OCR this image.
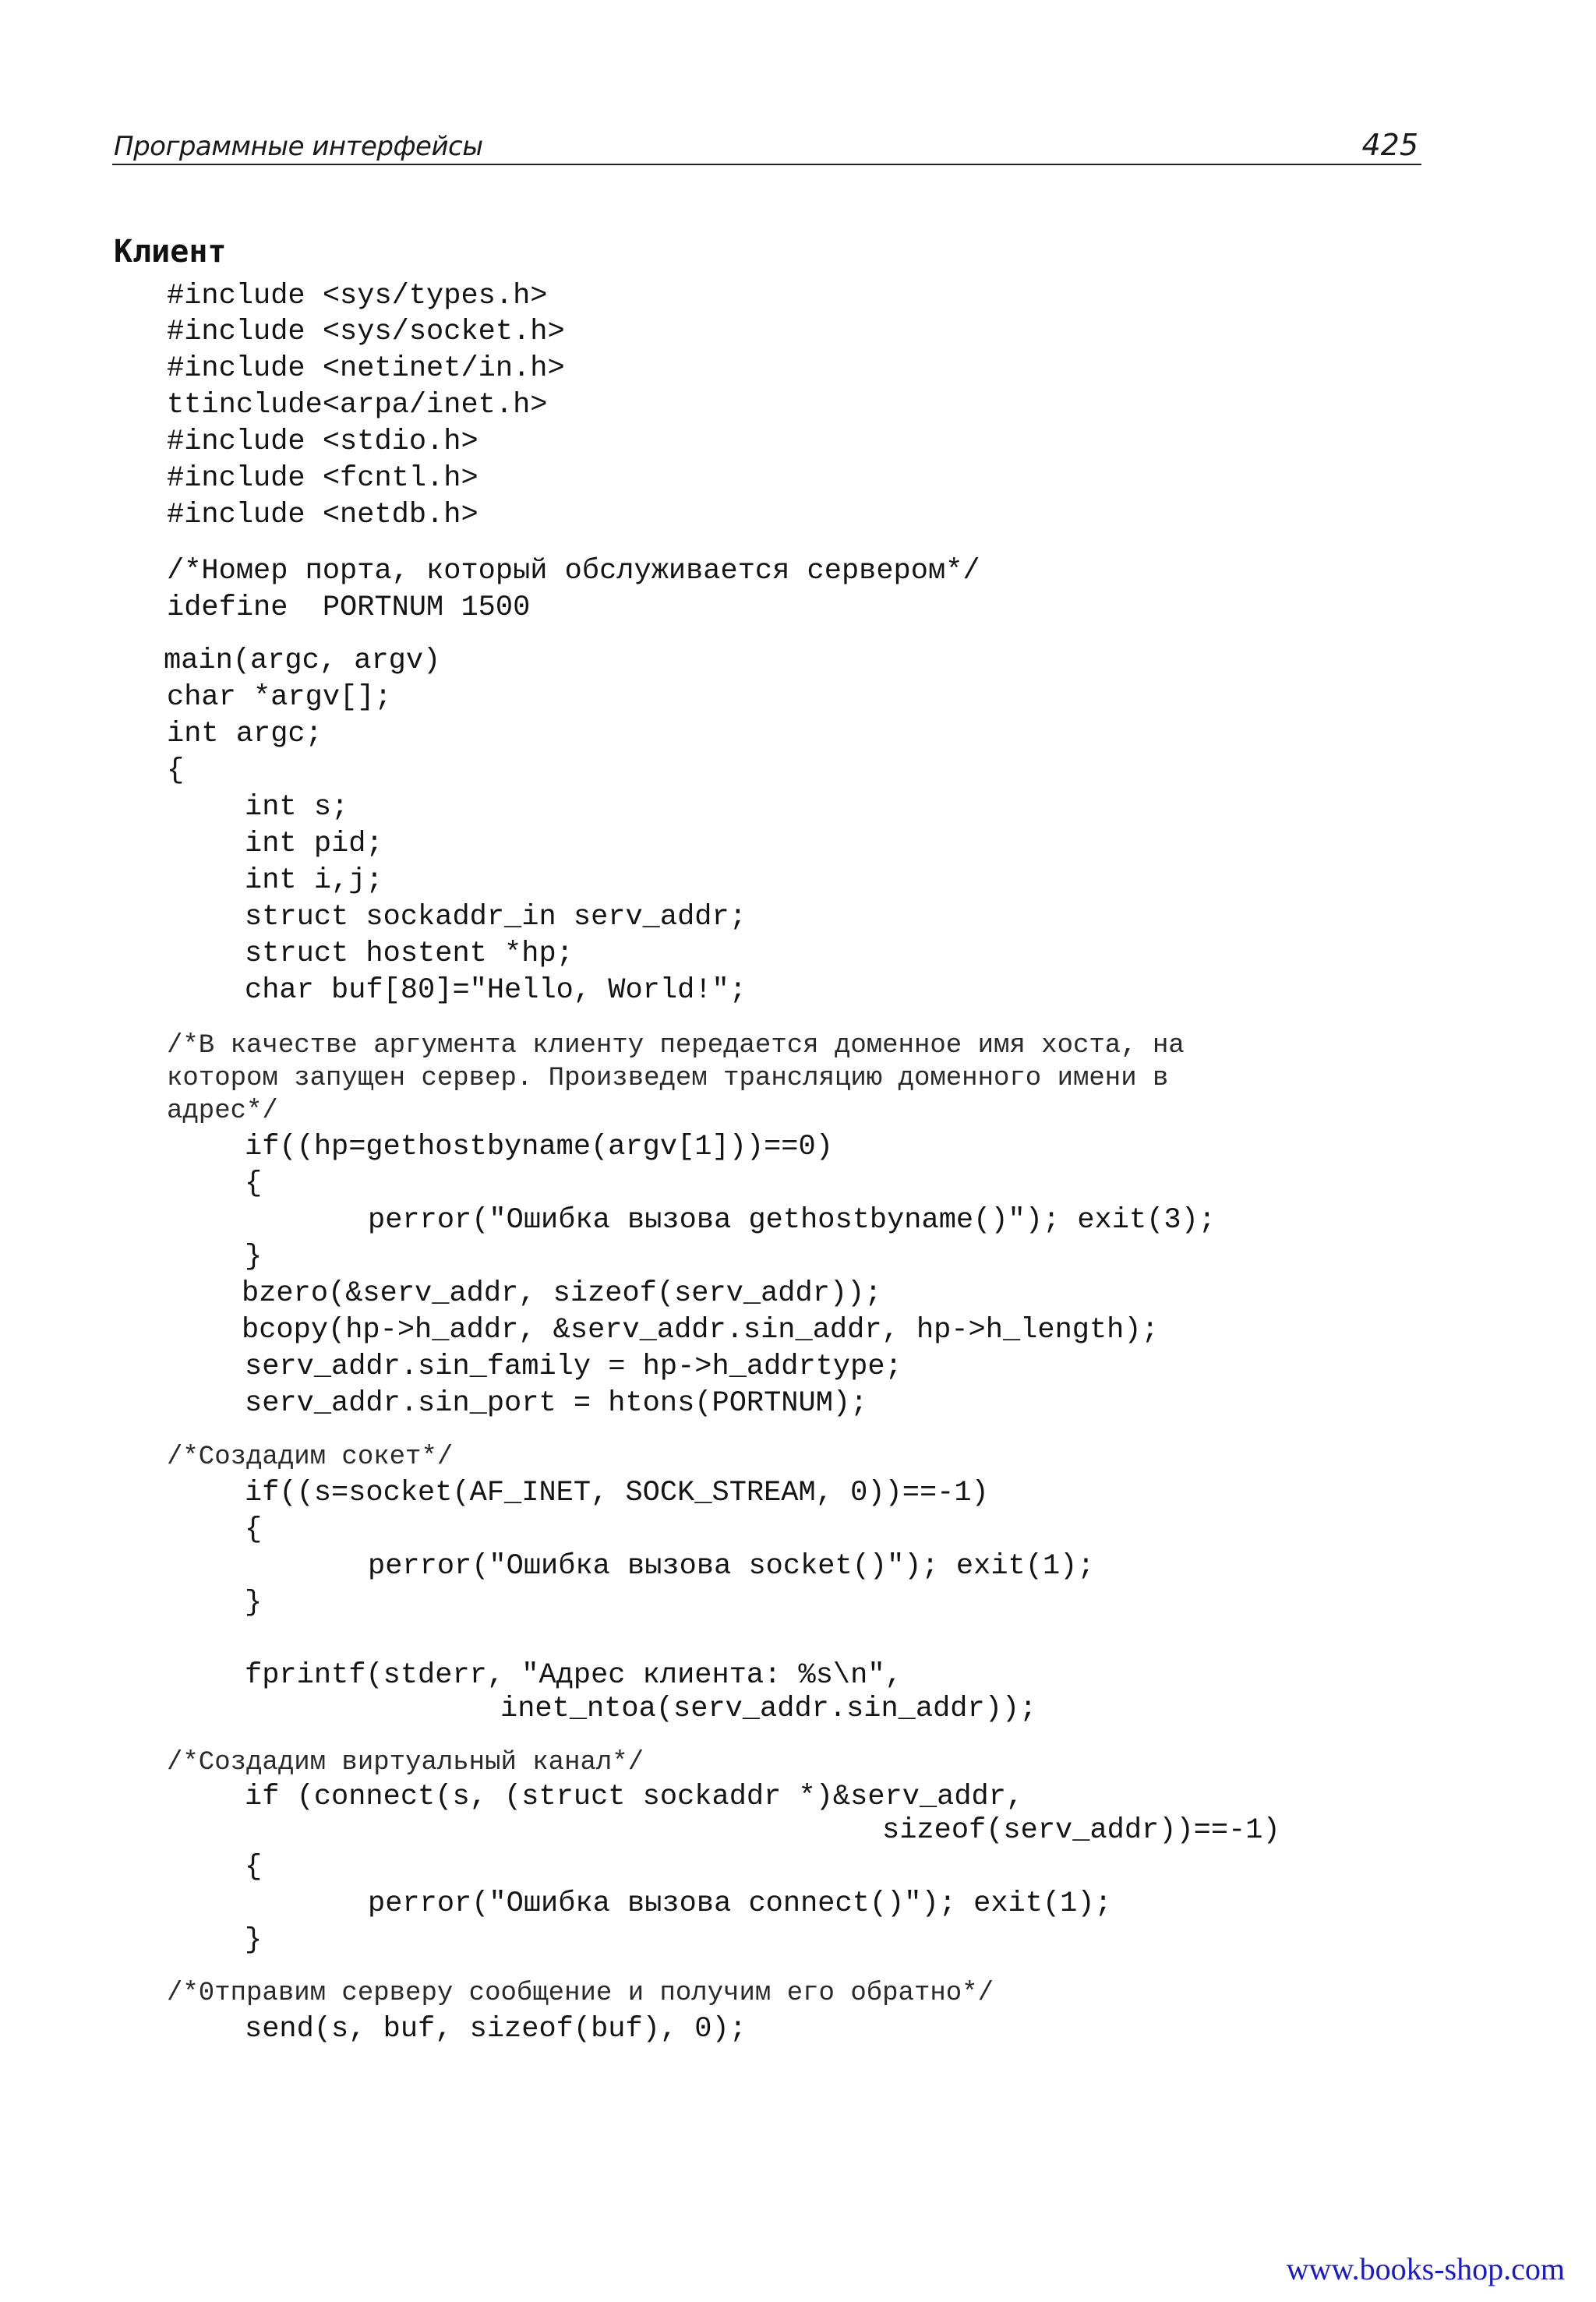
Программные интерфейсы	425
Клиент
#include <sys/types.h>
#include <sys/socket.h>
#include <netinet/in.h>
ttinclude<arpa/inet.h>
#include <stdio.h>
#include <fcntl.h>
#include <netdb.h>
/*Номер порта, который обслуживается сервером*/
idefine  PORTNUM 1500
main(argc, argv)
char *argv[];
int argc;
{
int s;
int pid;
int i,j;
struct sockaddr_in serv_addr;
struct hostent *hp;
char buf[80]="Hello, World!";
/*В качестве аргумента клиенту передается доменное имя хоста, на
котором запущен сервер. Произведем трансляцию доменного имени в
адрес*/
if((hp=gethostbyname(argv[1]))==0)
{
perror("Ошибка вызова gethostbyname()"); exit(3);
}
bzero(&serv_addr, sizeof(serv_addr));
bcopy(hp->h_addr, &serv_addr.sin_addr, hp->h_length);
serv_addr.sin_family = hp->h_addrtype;
serv_addr.sin_port = htons(PORTNUM);
/*Создадим сокет*/
if((s=socket(AF_INET, SOCK_STREAM, 0))==-1)
{
perror("Ошибка вызова socket()"); exit(1);
}
fprintf(stderr, "Адрес клиента: %s\n",
inet_ntoa(serv_addr.sin_addr));
/*Создадим виртуальный канал*/
if (connect(s, (struct sockaddr *)&serv_addr,
sizeof(serv_addr))==-1)
{
perror("Ошибка вызова connect()"); exit(1);
}
/*0тправим серверу сообщение и получим его обратно*/
send(s, buf, sizeof(buf), 0);
www.books-shop.com
